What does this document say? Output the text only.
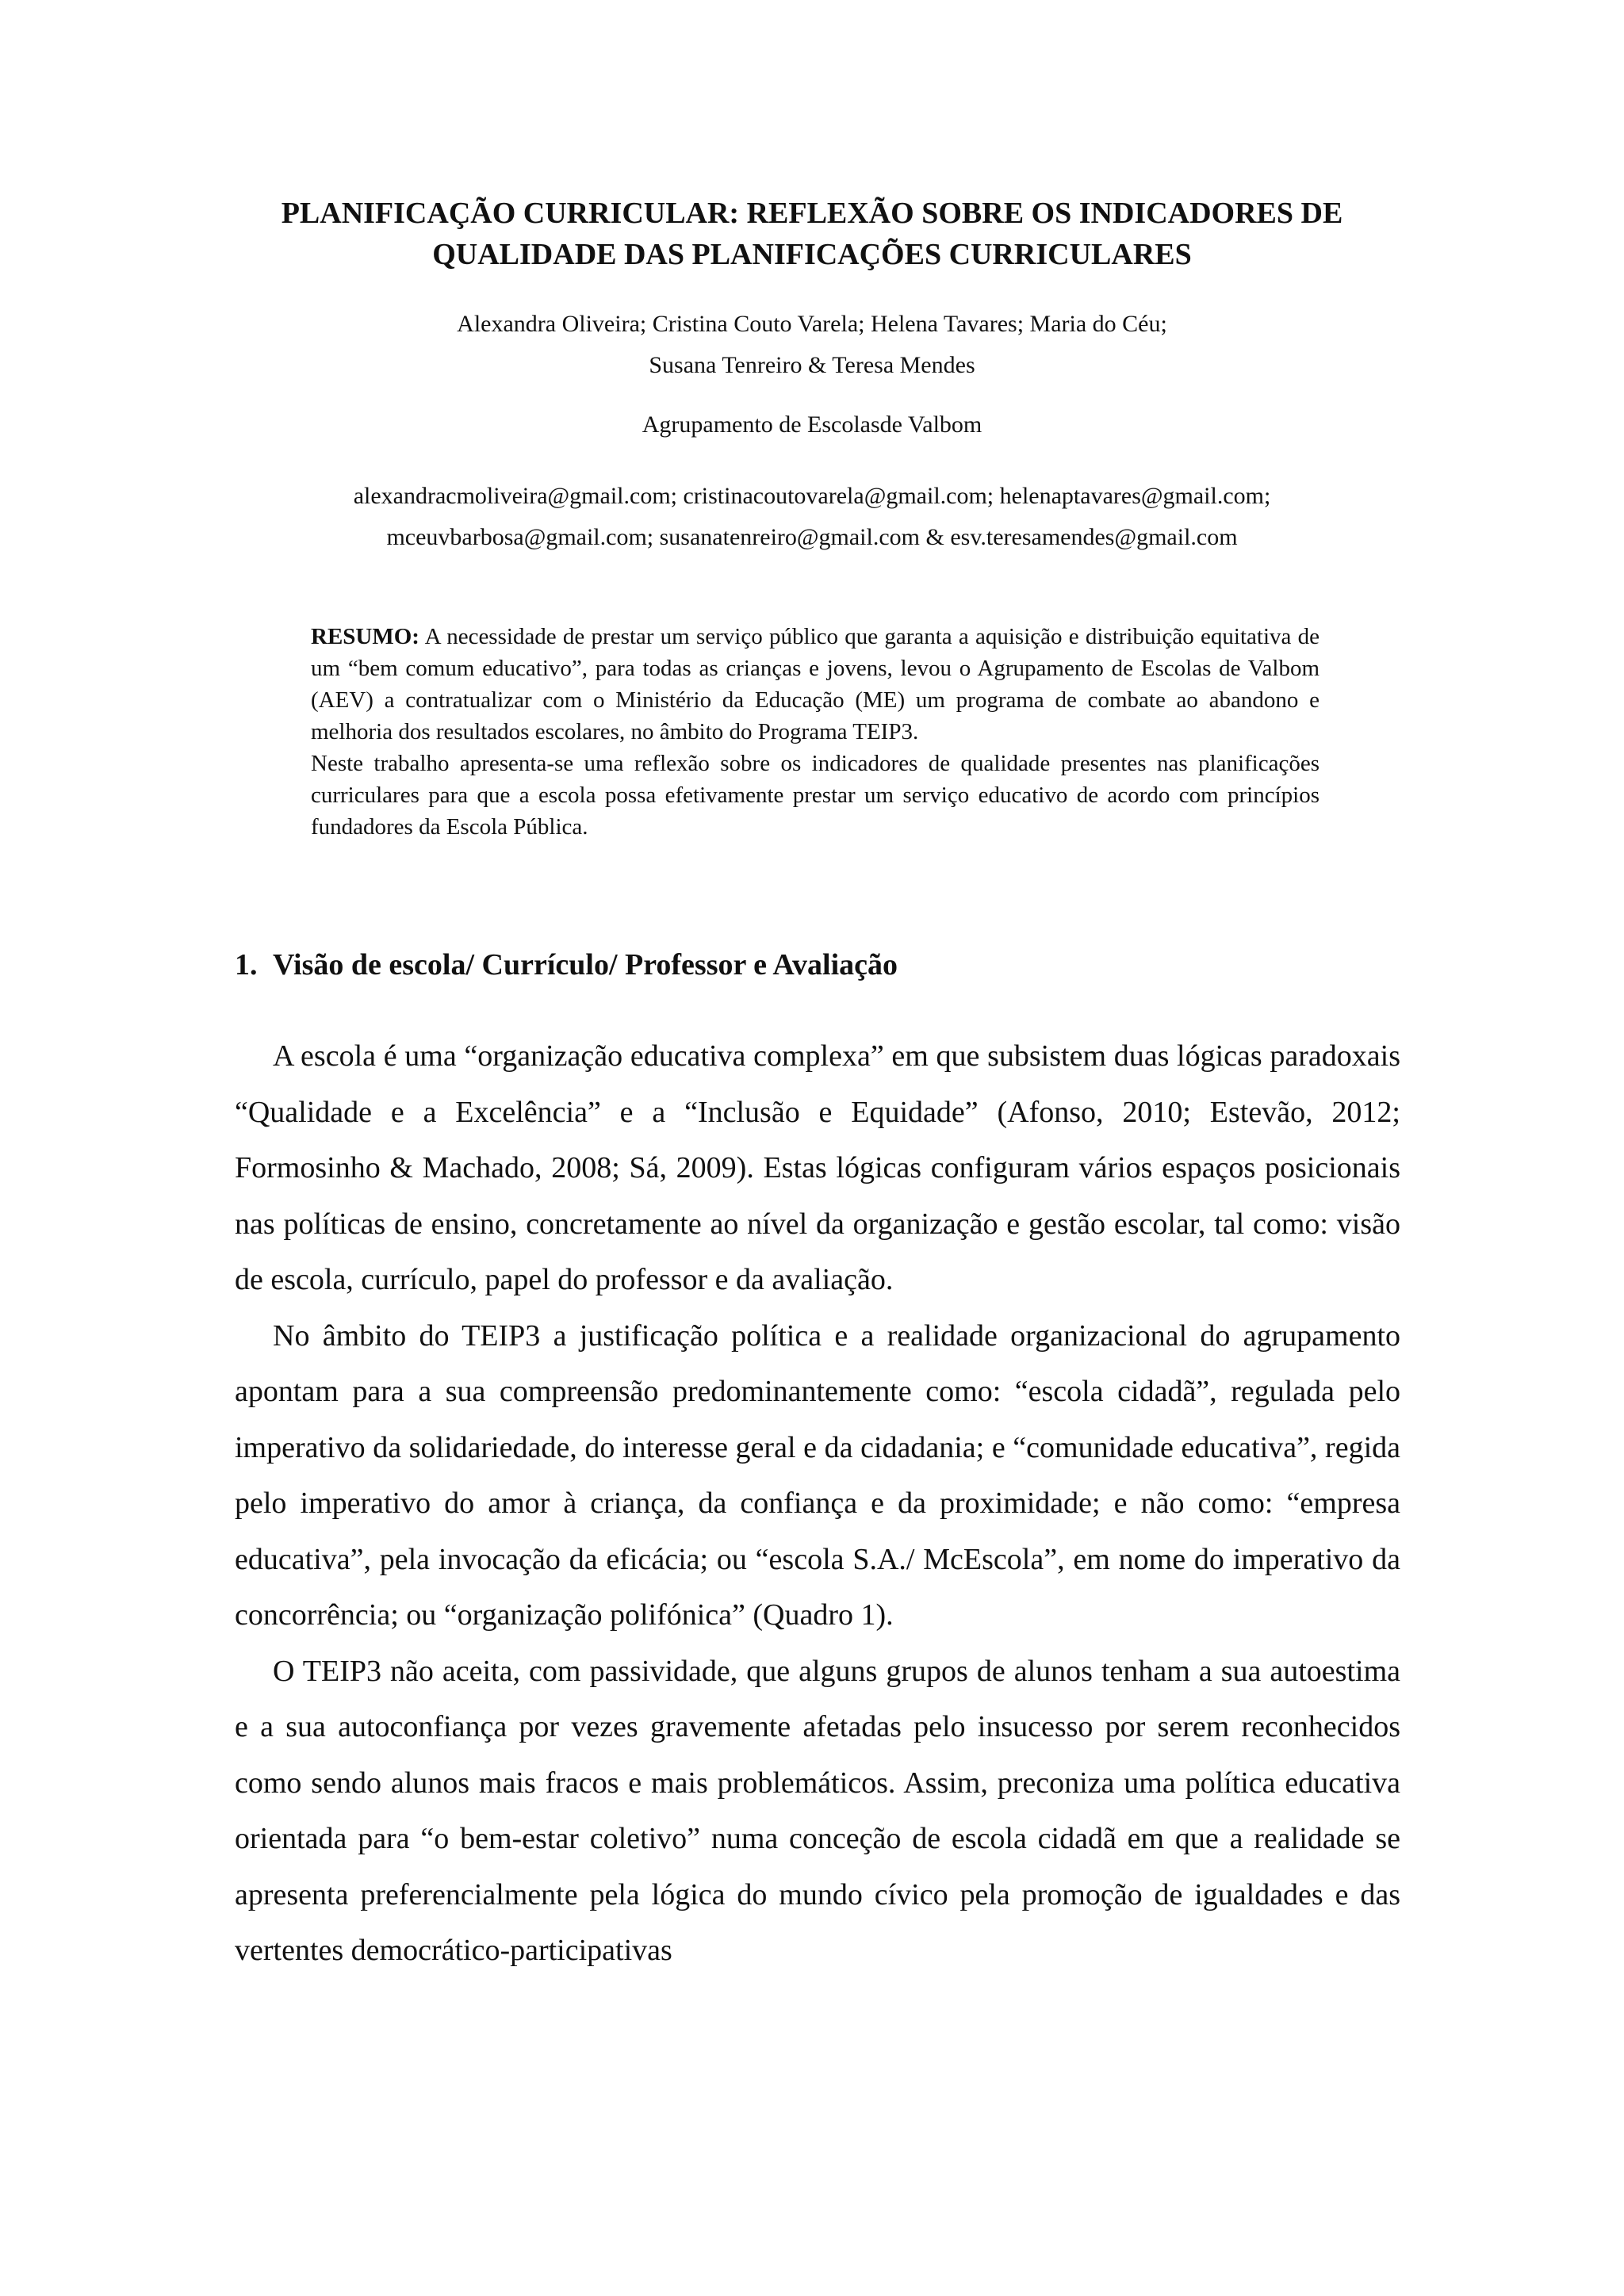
PLANIFICAÇÃO CURRICULAR: REFLEXÃO SOBRE OS INDICADORES DE
QUALIDADE DAS PLANIFICAÇÕES CURRICULARES
Alexandra Oliveira; Cristina Couto Varela; Helena Tavares; Maria do Céu;
Susana Tenreiro & Teresa Mendes
Agrupamento de Escolasde Valbom
alexandracmoliveira@gmail.com; cristinacoutovarela@gmail.com; helenaptavares@gmail.com;
mceuvbarbosa@gmail.com; susanatenreiro@gmail.com & esv.teresamendes@gmail.com

RESUMO: A necessidade de prestar um serviço público que garanta a aquisição e distribuição equitativa de um “bem comum educativo”, para todas as crianças e jovens, levou o Agrupamento de Escolas de Valbom (AEV) a contratualizar com o Ministério da Educação (ME) um programa de combate ao abandono e melhoria dos resultados escolares, no âmbito do Programa TEIP3.

Neste trabalho apresenta-se uma reflexão sobre os indicadores de qualidade presentes nas planificações curriculares para que a escola possa efetivamente prestar um serviço educativo de acordo com princípios fundadores da Escola Pública.

1. Visão de escola/ Currículo/ Professor e Avaliação

A escola é uma “organização educativa complexa” em que subsistem duas lógicas paradoxais “Qualidade e a Excelência” e a “Inclusão e Equidade” (Afonso, 2010; Estevão, 2012; Formosinho & Machado, 2008; Sá, 2009). Estas lógicas configuram vários espaços posicionais nas políticas de ensino, concretamente ao nível da organização e gestão escolar, tal como: visão de escola, currículo, papel do professor e da avaliação.

No âmbito do TEIP3 a justificação política e a realidade organizacional do agrupamento apontam para a sua compreensão predominantemente como: “escola cidadã”, regulada pelo imperativo da solidariedade, do interesse geral e da cidadania; e “comunidade educativa”, regida pelo imperativo do amor à criança, da confiança e da proximidade; e não como: “empresa educativa”, pela invocação da eficácia; ou “escola S.A./ McEscola”, em nome do imperativo da concorrência; ou “organização polifónica” (Quadro 1).

O TEIP3 não aceita, com passividade, que alguns grupos de alunos tenham a sua autoestima e a sua autoconfiança por vezes gravemente afetadas pelo insucesso por serem reconhecidos como sendo alunos mais fracos e mais problemáticos. Assim, preconiza uma política educativa orientada para “o bem-estar coletivo” numa conceção de escola cidadã em que a realidade se apresenta preferencialmente pela lógica do mundo cívico pela promoção de igualdades e das vertentes democrático-participativas
